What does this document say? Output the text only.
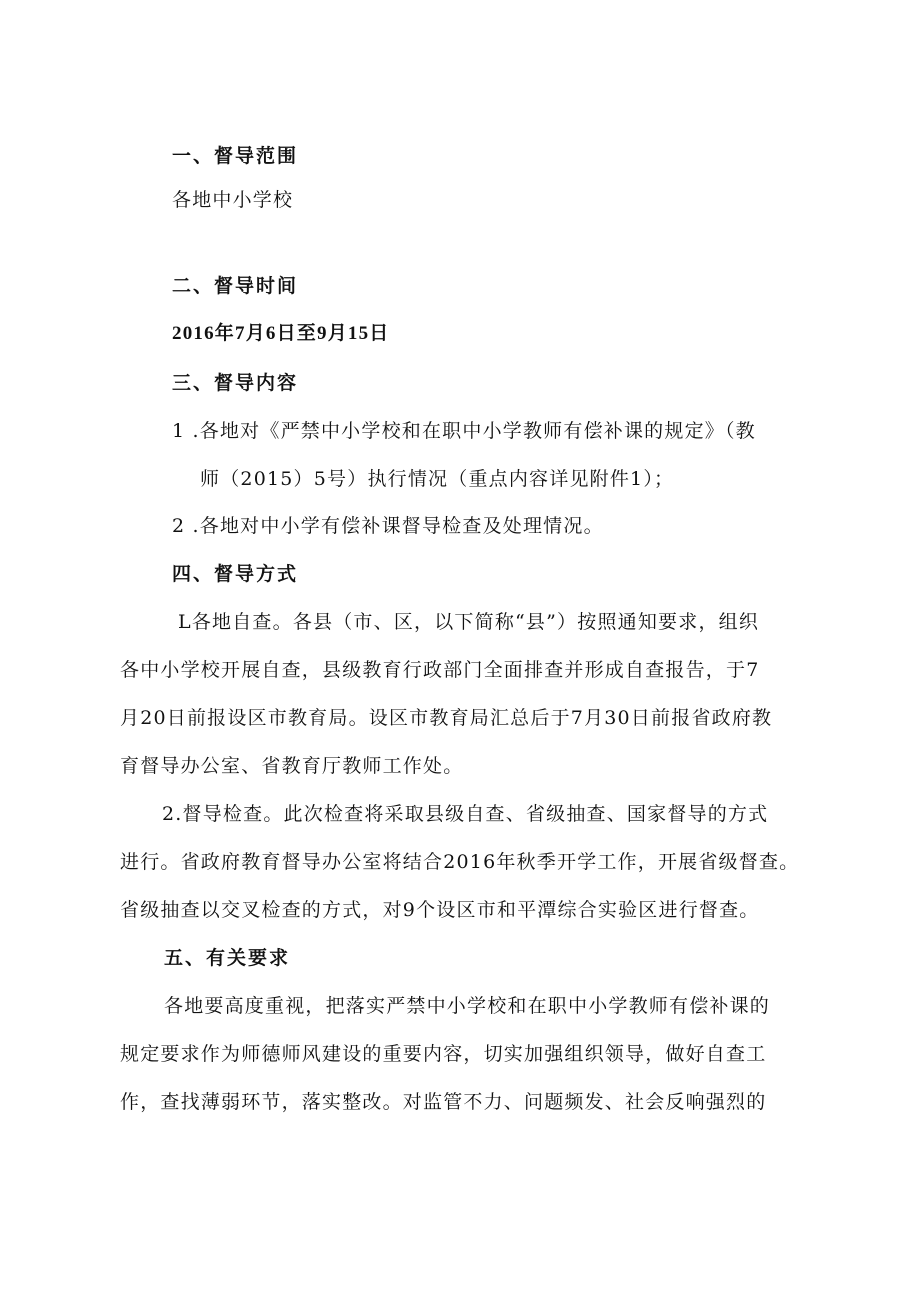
一、督导范围
各地中小学校
二、督导时间
2016年7月6日至9月15日
三、督导内容
1 .各地对《严禁中小学校和在职中小学教师有偿补课的规定》（教
师（2015）5号）执行情况（重点内容详见附件1）；
2 .各地对中小学有偿补课督导检查及处理情况。
四、督导方式
L各地自查。各县（市、区，以下简称“县”）按照通知要求，组织
各中小学校开展自查，县级教育行政部门全面排查并形成自查报告，于7
月20日前报设区市教育局。设区市教育局汇总后于7月30日前报省政府教
育督导办公室、省教育厅教师工作处。
2.督导检查。此次检查将采取县级自查、省级抽查、国家督导的方式
进行。省政府教育督导办公室将结合2016年秋季开学工作，开展省级督查。
省级抽查以交叉检查的方式，对9个设区市和平潭综合实验区进行督查。
五、有关要求
各地要高度重视，把落实严禁中小学校和在职中小学教师有偿补课的
规定要求作为师德师风建设的重要内容，切实加强组织领导，做好自查工
作，查找薄弱环节，落实整改。对监管不力、问题频发、社会反响强烈的
